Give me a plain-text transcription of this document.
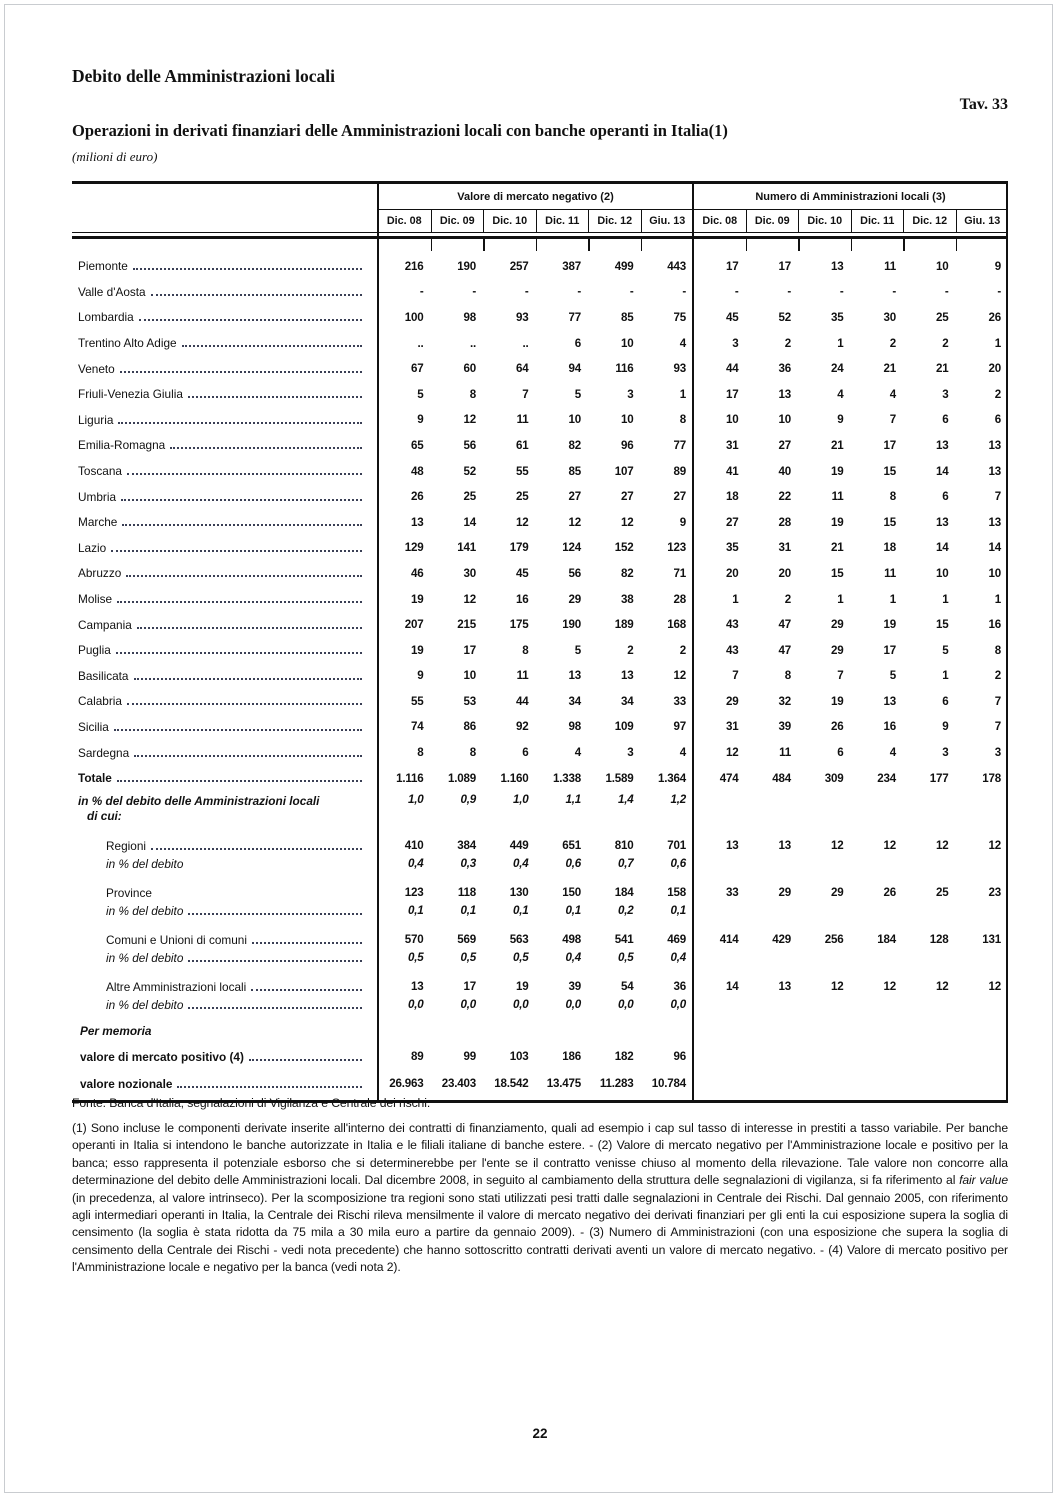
Debito delle Amministrazioni locali
Tav. 33
Operazioni in derivati finanziari delle Amministrazioni locali con banche operanti in Italia(1)
(milioni di euro)
Valore di mercato negativo (2)	Numero di Amministrazioni locali (3)
Dic. 08	Dic. 09	Dic. 10	Dic. 11	Dic. 12	Giu. 13	Dic. 08	Dic. 09	Dic. 10	Dic. 11	Dic. 12	Giu. 13
Piemonte	216	190	257	387	499	443	17	17	13	11	10	9
Valle d'Aosta	-	-	-	-	-	-	-	-	-	-	-	-
Lombardia	100	98	93	77	85	75	45	52	35	30	25	26
Trentino Alto Adige	..	..	..	6	10	4	3	2	1	2	2	1
Veneto	67	60	64	94	116	93	44	36	24	21	21	20
Friuli-Venezia Giulia	5	8	7	5	3	1	17	13	4	4	3	2
Liguria	9	12	11	10	10	8	10	10	9	7	6	6
Emilia-Romagna	65	56	61	82	96	77	31	27	21	17	13	13
Toscana	48	52	55	85	107	89	41	40	19	15	14	13
Umbria	26	25	25	27	27	27	18	22	11	8	6	7
Marche	13	14	12	12	12	9	27	28	19	15	13	13
Lazio	129	141	179	124	152	123	35	31	21	18	14	14
Abruzzo	46	30	45	56	82	71	20	20	15	11	10	10
Molise	19	12	16	29	38	28	1	2	1	1	1	1
Campania	207	215	175	190	189	168	43	47	29	19	15	16
Puglia	19	17	8	5	2	2	43	47	29	17	5	8
Basilicata	9	10	11	13	13	12	7	8	7	5	1	2
Calabria	55	53	44	34	34	33	29	32	19	13	6	7
Sicilia	74	86	92	98	109	97	31	39	26	16	9	7
Sardegna	8	8	6	4	3	4	12	11	6	4	3	3
Totale	1.116	1.089	1.160	1.338	1.589	1.364	474	484	309	234	177	178
in % del debito delle Amministrazioni locali
di cui:
1,0	0,9	1,0	1,1	1,4	1,2
Regioni	410	384	449	651	810	701	13	13	12	12	12	12
in % del debito	0,4	0,3	0,4	0,6	0,7	0,6
Province	123	118	130	150	184	158	33	29	29	26	25	23
in % del debito	0,1	0,1	0,1	0,1	0,2	0,1
Comuni e Unioni di comuni	570	569	563	498	541	469	414	429	256	184	128	131
in % del debito	0,5	0,5	0,5	0,4	0,5	0,4
Altre Amministrazioni locali	13	17	19	39	54	36	14	13	12	12	12	12
in % del debito	0,0	0,0	0,0	0,0	0,0	0,0
Per memoria
valore di mercato positivo (4)	89	99	103	186	182	96
valore nozionale	26.963	23.403	18.542	13.475	11.283	10.784
Fonte: Banca d'Italia, segnalazioni di Vigilanza e Centrale dei rischi.
(1) Sono incluse le componenti derivate inserite all'interno dei contratti di finanziamento, quali ad esempio i cap sul tasso di interesse in prestiti a tasso variabile. Per banche operanti in Italia si intendono le banche autorizzate in Italia e le filiali italiane di banche estere. - (2) Valore di mercato negativo per l'Amministrazione locale e positivo per la banca; esso rappresenta il potenziale esborso che si determinerebbe per l'ente se il contratto venisse chiuso al momento della rilevazione. Tale valore non concorre alla determinazione del debito delle Amministrazioni locali. Dal dicembre 2008, in seguito al cambiamento della struttura delle segnalazioni di vigilanza, si fa riferimento al fair value (in precedenza, al valore intrinseco). Per la scomposizione tra regioni sono stati utilizzati pesi tratti dalle segnalazioni in Centrale dei Rischi. Dal gennaio 2005, con riferimento agli intermediari operanti in Italia, la Centrale dei Rischi rileva mensilmente il valore di mercato negativo dei derivati finanziari per gli enti la cui esposizione supera la soglia di censimento (la soglia è stata ridotta da 75 mila a 30 mila euro a partire da gennaio 2009). - (3) Numero di Amministrazioni (con una esposizione che supera la soglia di censimento della Centrale dei Rischi - vedi nota precedente) che hanno sottoscritto contratti derivati aventi un valore di mercato negativo. - (4) Valore di mercato positivo per l'Amministrazione locale e negativo per la banca (vedi nota 2).
22
